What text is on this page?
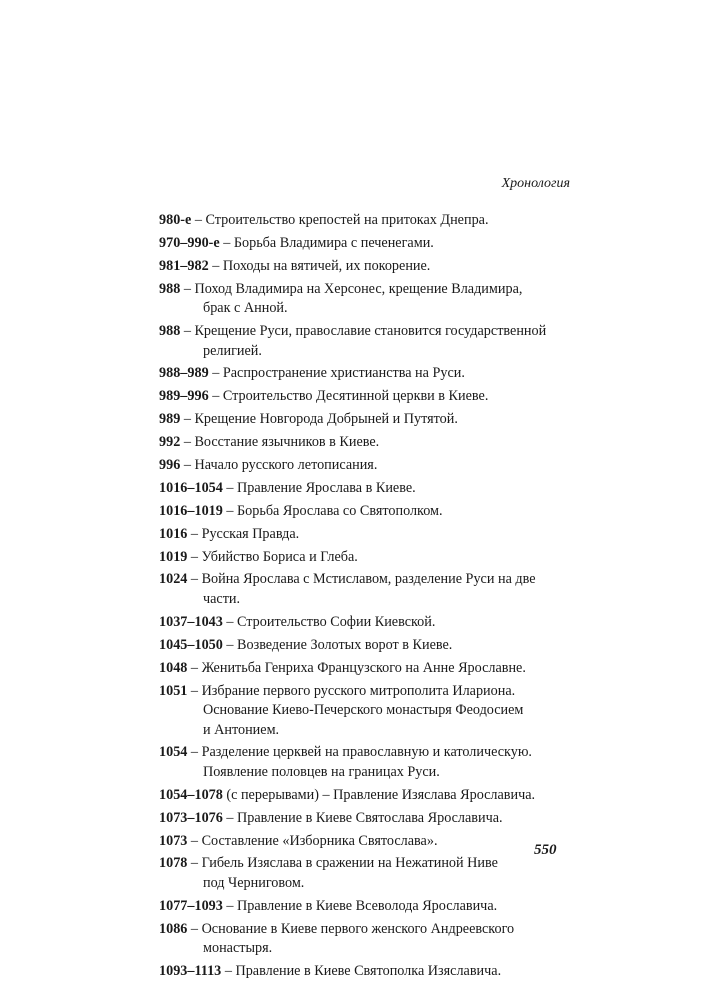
Хронология
980-е – Строительство крепостей на притоках Днепра.
970–990-е – Борьба Владимира с печенегами.
981–982 – Походы на вятичей, их покорение.
988 – Поход Владимира на Херсонес, крещение Владимира,
брак с Анной.
988 – Крещение Руси, православие становится государственной
религией.
988–989 – Распространение христианства на Руси.
989–996 – Строительство Десятинной церкви в Киеве.
989 – Крещение Новгорода Добрыней и Путятой.
992 – Восстание язычников в Киеве.
996 – Начало русского летописания.
1016–1054 – Правление Ярослава в Киеве.
1016–1019 – Борьба Ярослава со Святополком.
1016 – Русская Правда.
1019 – Убийство Бориса и Глеба.
1024 – Война Ярослава с Мстиславом, разделение Руси на две
части.
1037–1043 – Строительство Софии Киевской.
1045–1050 – Возведение Золотых ворот в Киеве.
1048 – Женитьба Генриха Французского на Анне Ярославне.
1051 – Избрание первого русского митрополита Илариона.
Основание Киево-Печерского монастыря Феодосием
и Антонием.
1054 – Разделение церквей на православную и католическую.
Появление половцев на границах Руси.
1054–1078 (с перерывами) – Правление Изяслава Ярославича.
1073–1076 – Правление в Киеве Святослава Ярославича.
1073 – Составление «Изборника Святослава».
1078 – Гибель Изяслава в сражении на Нежатиной Ниве
под Черниговом.
1077–1093 – Правление в Киеве Всеволода Ярославича.
1086 – Основание в Киеве первого женского Андреевского
монастыря.
1093–1113 – Правление в Киеве Святополка Изяславича.
550
